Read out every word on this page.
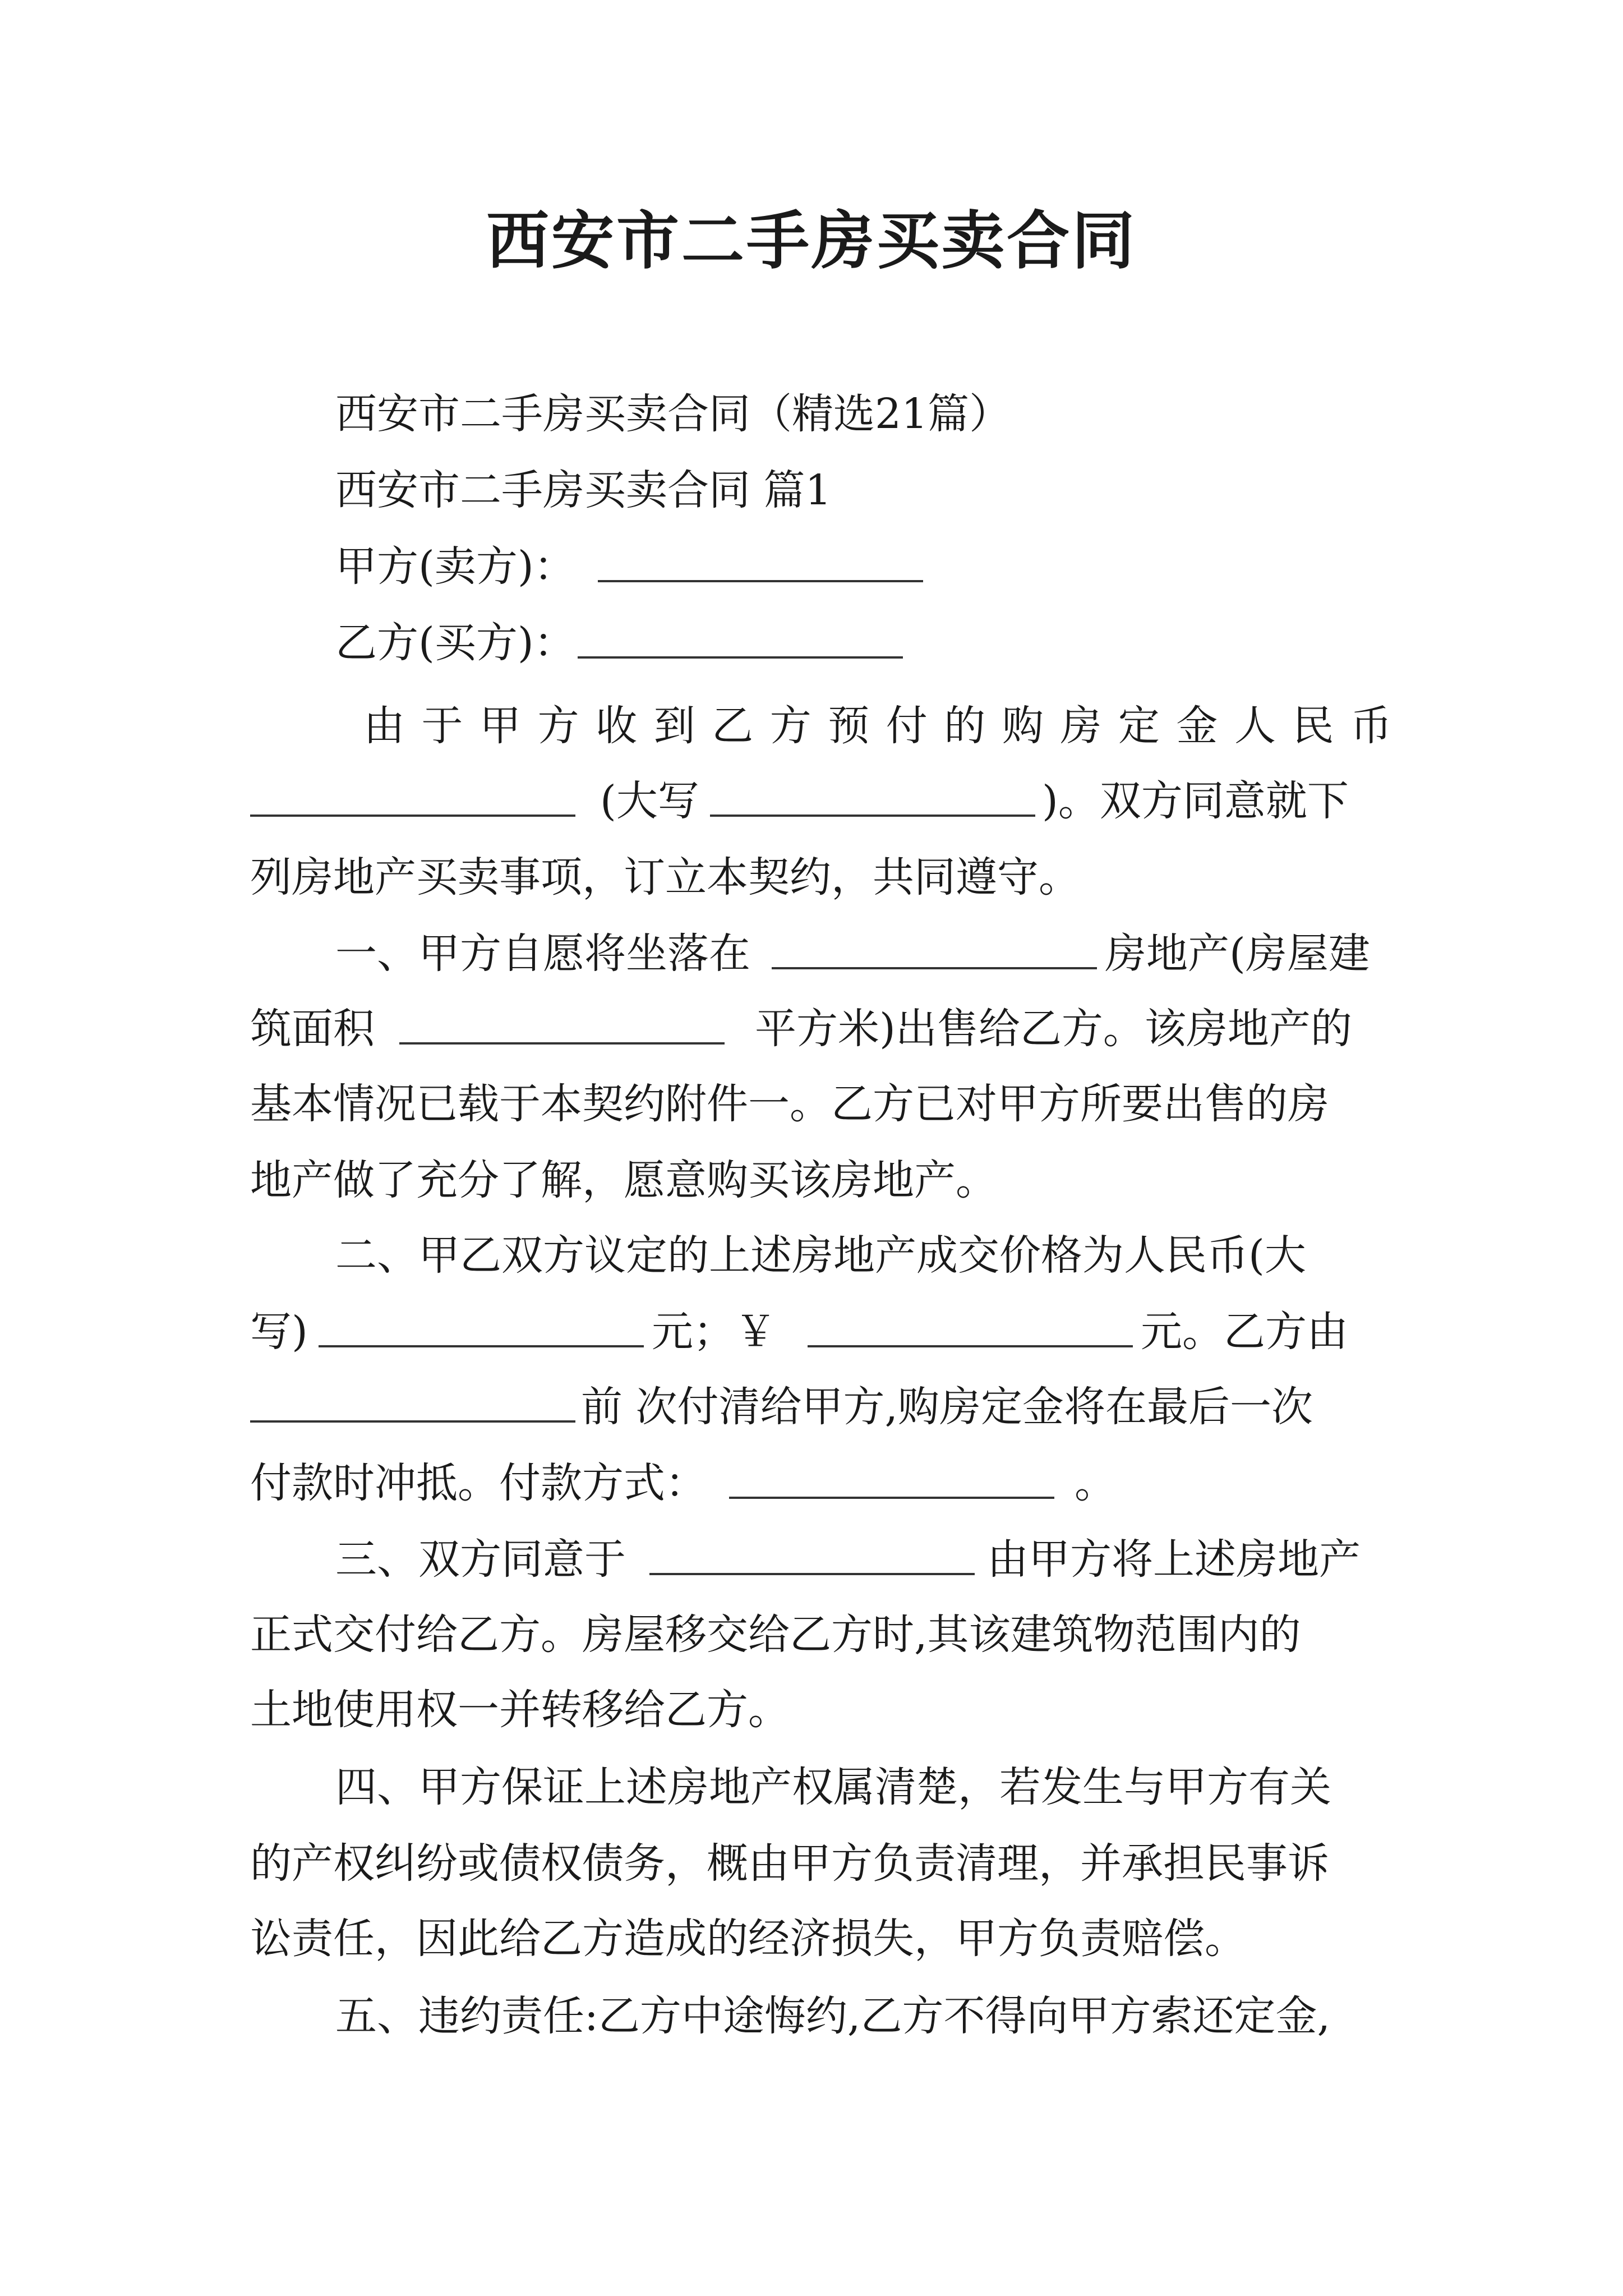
西安市二手房买卖合同
西安市二手房买卖合同（精选21篇）
西安市二手房买卖合同 篇1
甲方(卖方)：
乙方(买方)：
由于甲方收到乙方预付的购房定金人民币
(大写	)。双方同意就下
列房地产买卖事项，订立本契约，共同遵守。
一、甲方自愿将坐落在	房地产(房屋建
筑面积	平方米)出售给乙方。该房地产的
基本情况已载于本契约附件一。乙方已对甲方所要出售的房
地产做了充分了解，愿意购买该房地产。
二、甲乙双方议定的上述房地产成交价格为人民币(大
写)	元；￥	元。乙方由
前 次付清给甲方,购房定金将在最后一次
付款时冲抵。付款方式：	。
三、双方同意于	由甲方将上述房地产
正式交付给乙方。房屋移交给乙方时,其该建筑物范围内的
土地使用权一并转移给乙方。
四、甲方保证上述房地产权属清楚，若发生与甲方有关
的产权纠纷或债权债务，概由甲方负责清理，并承担民事诉
讼责任，因此给乙方造成的经济损失，甲方负责赔偿。
五、违约责任:乙方中途悔约,乙方不得向甲方索还定金,
